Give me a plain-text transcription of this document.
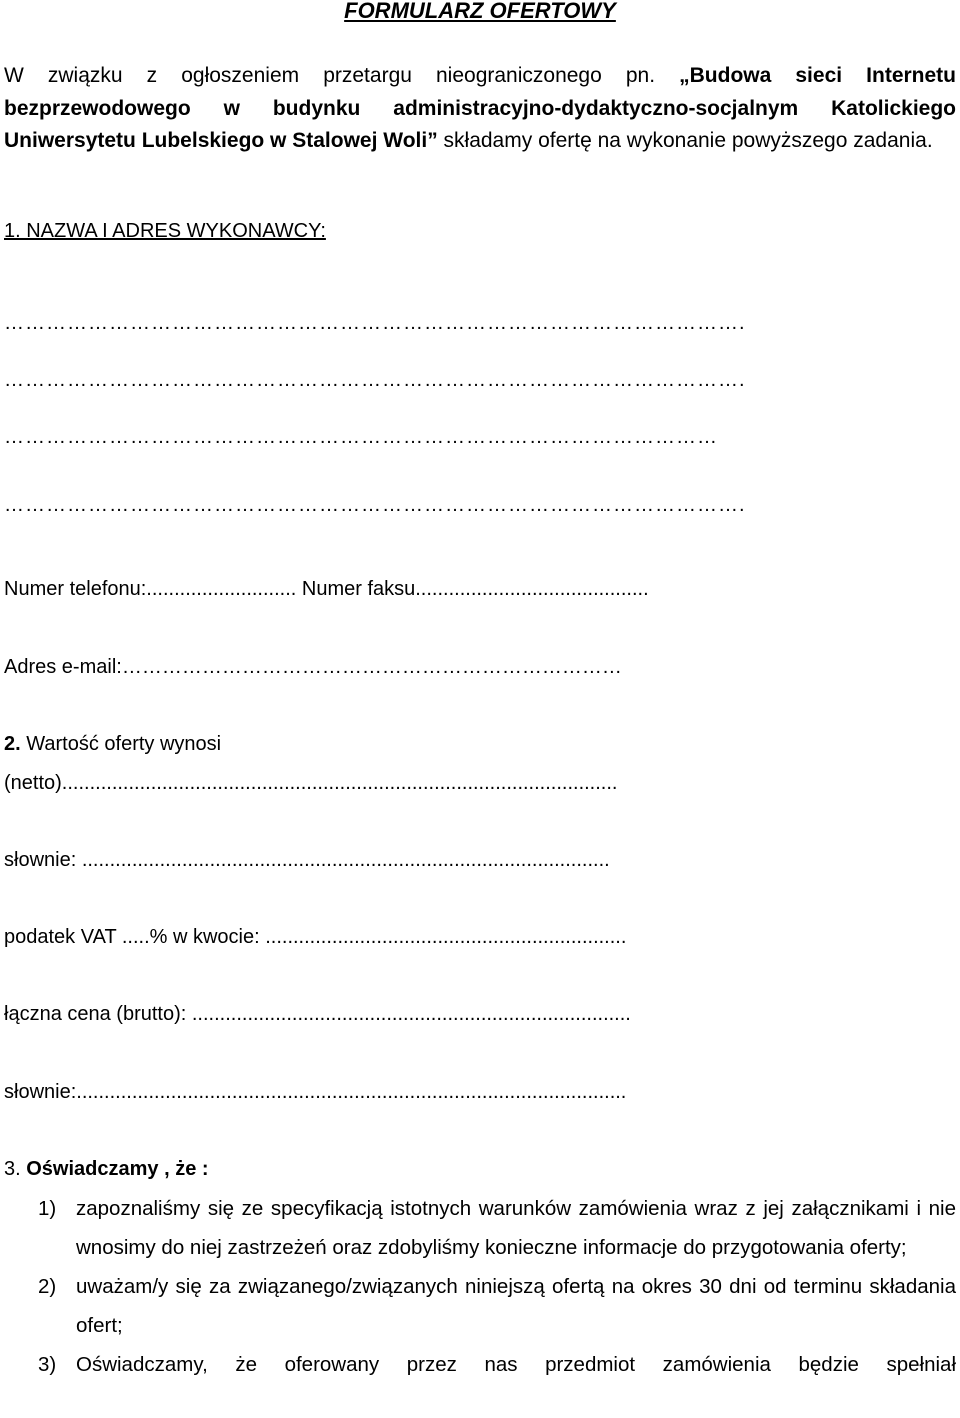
FORMULARZ OFERTOWY
W związku z ogłoszeniem przetargu nieograniczonego pn. „Budowa sieci Internetu bezprzewodowego w budynku administracyjno-dydaktyczno-socjalnym Katolickiego Uniwersytetu Lubelskiego w Stalowej Woli” składamy ofertę na wykonanie powyższego zadania.
1. NAZWA I ADRES WYKONAWCY:
…………………………………………………………………………………………….
…………………………………………………………………………………………….
…………………………………………………………………………………………
…………………………………………………………………………………………….
Numer telefonu:........................... Numer faksu..........................................
Adres e-mail:…………………………………………………………………
2. Wartość oferty wynosi
(netto)....................................................................................................
słownie: ...............................................................................................
podatek VAT .....% w kwocie: .................................................................
łączna cena (brutto): ...............................................................................
słownie:...................................................................................................
3. Oświadczamy , że :
1) zapoznaliśmy się ze specyfikacją istotnych warunków zamówienia wraz z jej załącznikami i nie wnosimy do niej zastrzeżeń oraz zdobyliśmy konieczne informacje do przygotowania oferty;
2) uważam/y się za związanego/związanych niniejszą ofertą na okres 30 dni od terminu składania ofert;
3) Oświadczamy, że oferowany przez nas przedmiot zamówienia będzie spełniał
